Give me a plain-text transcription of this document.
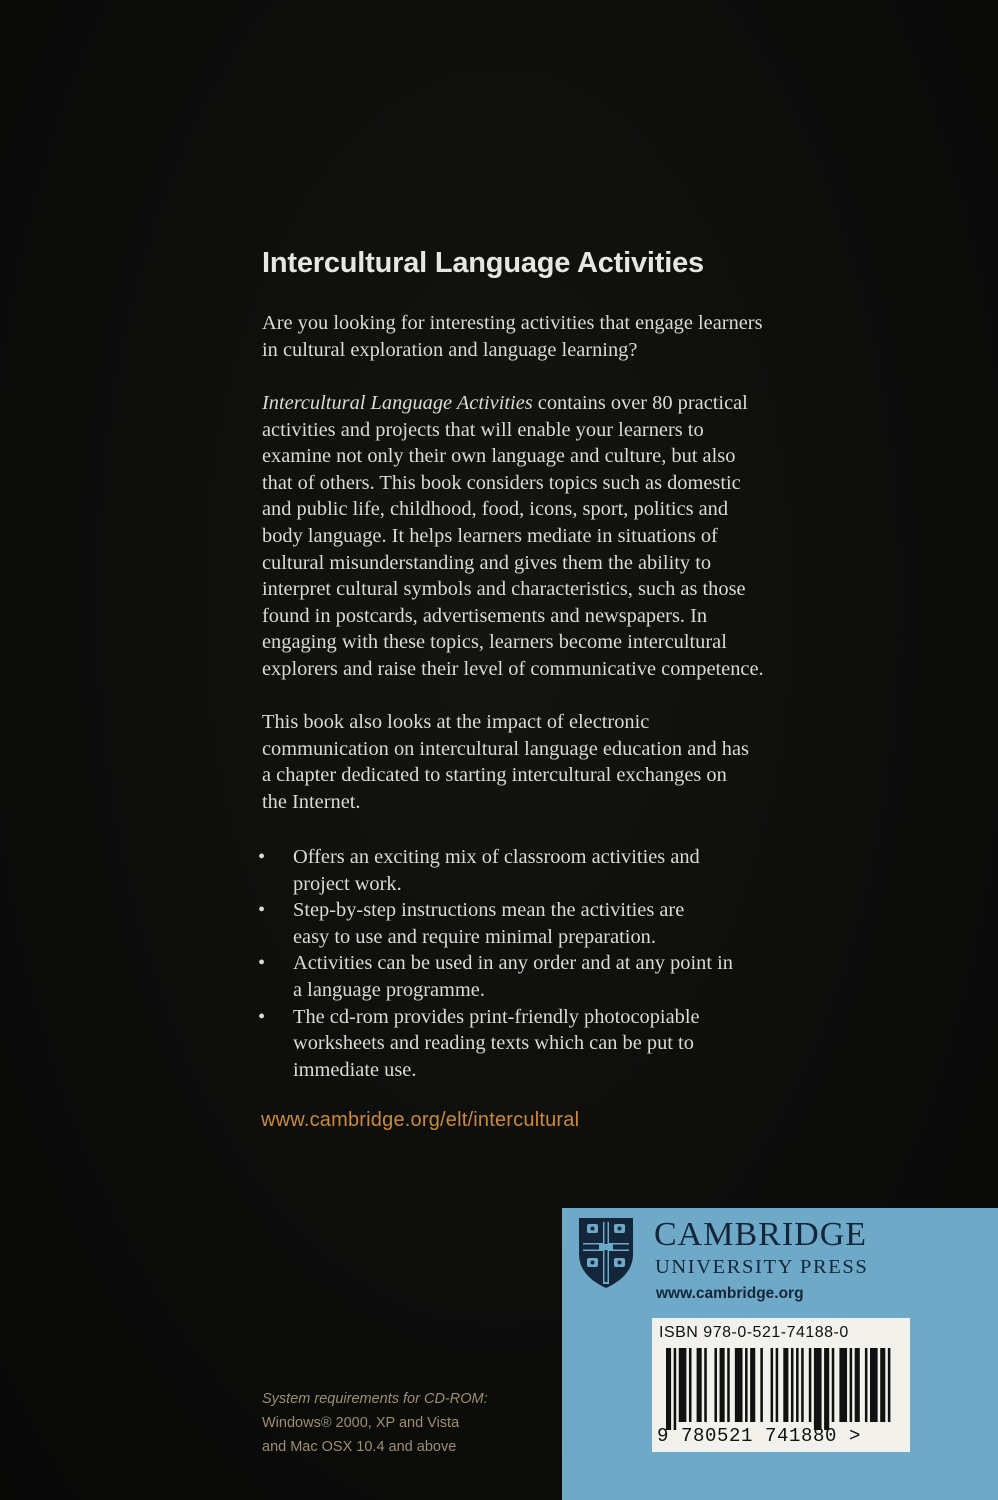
Intercultural Language Activities

Are you looking for interesting activities that engage learners
in cultural exploration and language learning?

Intercultural Language Activities contains over 80 practical
activities and projects that will enable your learners to
examine not only their own language and culture, but also
that of others. This book considers topics such as domestic
and public life, childhood, food, icons, sport, politics and
body language. It helps learners mediate in situations of
cultural misunderstanding and gives them the ability to
interpret cultural symbols and characteristics, such as those
found in postcards, advertisements and newspapers. In
engaging with these topics, learners become intercultural
explorers and raise their level of communicative competence.

This book also looks at the impact of electronic
communication on intercultural language education and has
a chapter dedicated to starting intercultural exchanges on
the Internet.

• Offers an exciting mix of classroom activities and
project work.
• Step-by-step instructions mean the activities are
easy to use and require minimal preparation.
• Activities can be used in any order and at any point in
a language programme.
• The cd-rom provides print-friendly photocopiable
worksheets and reading texts which can be put to
immediate use.
www.cambridge.org/elt/intercultural
System requirements for CD-ROM:
Windows® 2000, XP and Vista
and Mac OSX 10.4 and above
CAMBRIDGE
UNIVERSITY PRESS
www.cambridge.org
ISBN 978-0-521-74188-0
9 780521 741880 >
